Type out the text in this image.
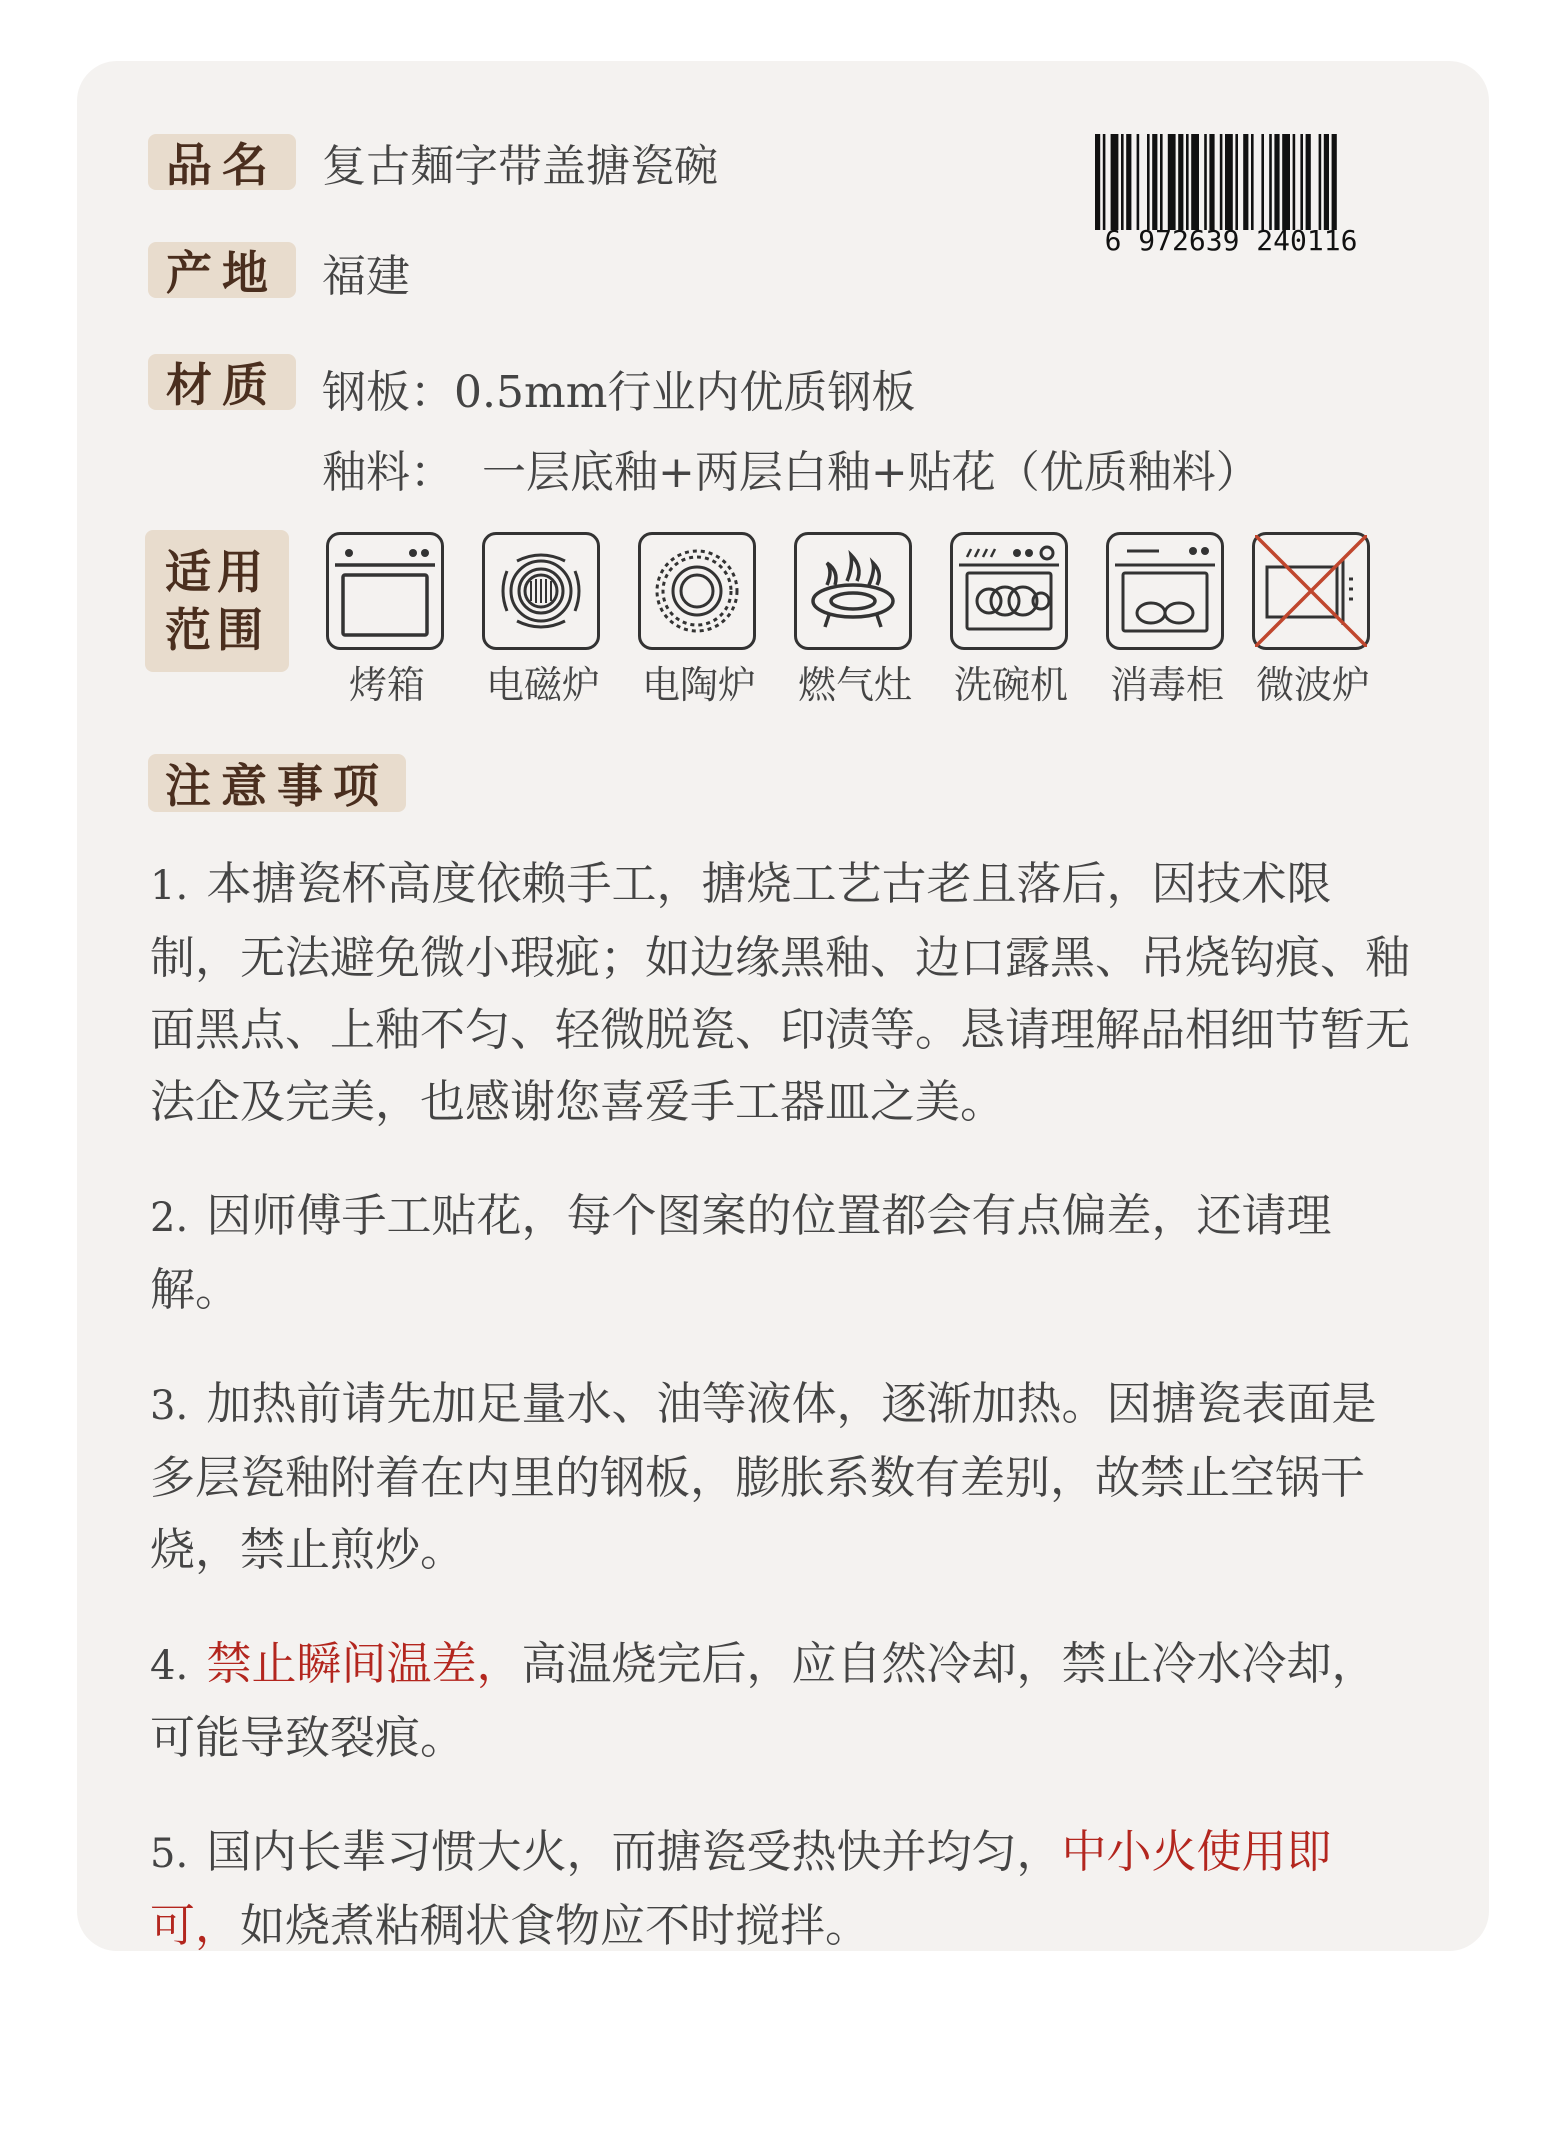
品名 复古麺字带盖搪瓷碗
产地 福建
材质 钢板：0.5mm行业内优质钢板
釉料：  一层底釉+两层白釉+贴花（优质釉料）
6 972639 240116
适用
范围
烤箱	电磁炉	电陶炉	燃气灶	洗碗机	消毒柜 微波炉
注意事项
1. 本搪瓷杯高度依赖手工，搪烧工艺古老且落后，因技术限制，无法避免微小瑕疵；如边缘黑釉、边口露黑、吊烧钩痕、釉面黑点、上釉不匀、轻微脱瓷、印渍等。恳请理解品相细节暂无法企及完美，也感谢您喜爱手工器皿之美。
2. 因师傅手工贴花，每个图案的位置都会有点偏差，还请理解。
3. 加热前请先加足量水、油等液体，逐渐加热。因搪瓷表面是多层瓷釉附着在内里的钢板，膨胀系数有差别，故禁止空锅干烧，禁止煎炒。
4. 禁止瞬间温差，高温烧完后，应自然冷却，禁止冷水冷却，可能导致裂痕。
5. 国内长辈习惯大火，而搪瓷受热快并均匀，中小火使用即可，如烧煮粘稠状食物应不时搅拌。
